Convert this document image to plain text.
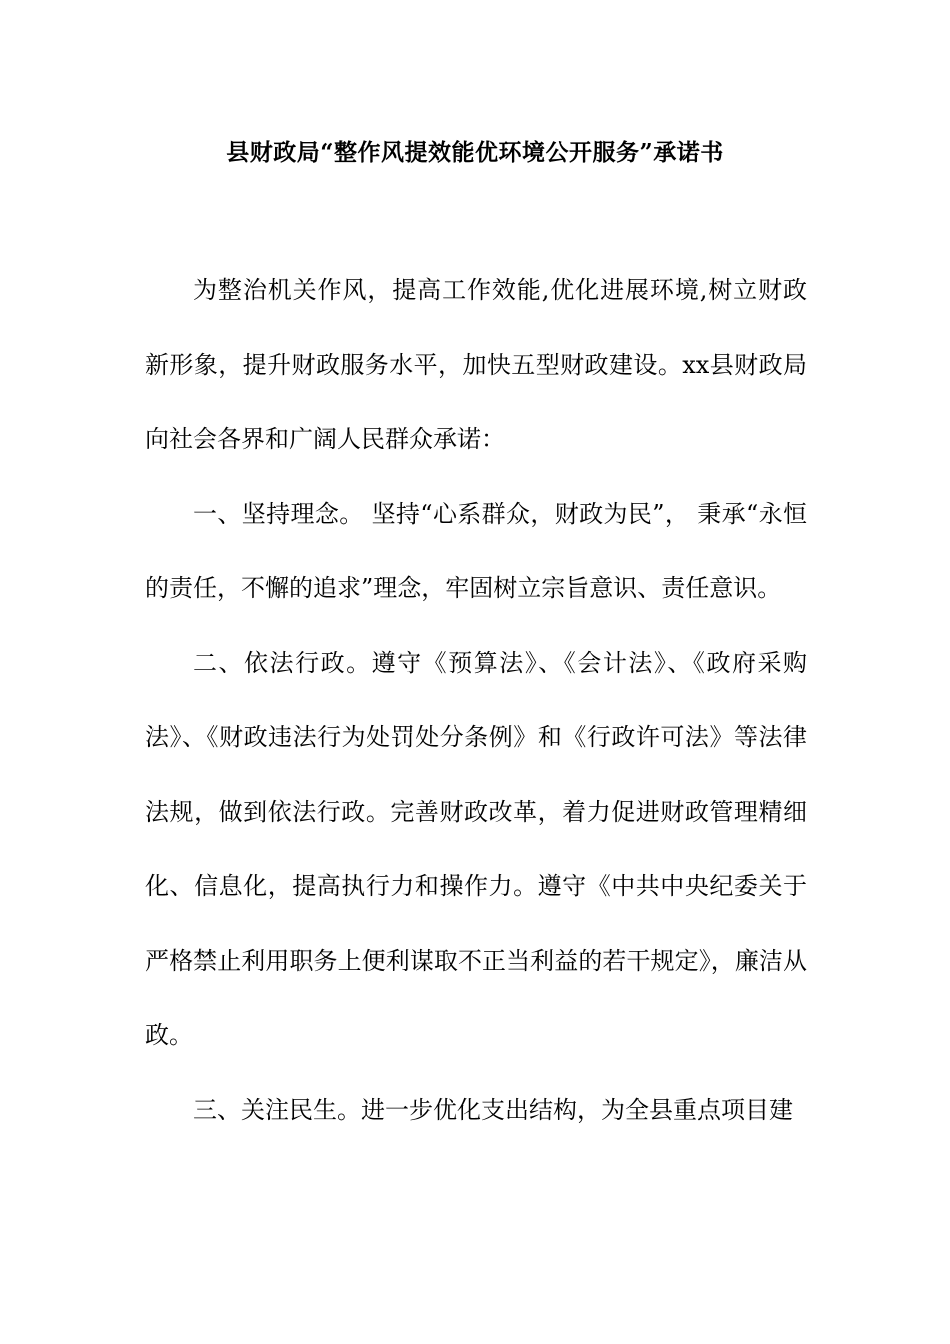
县财政局“整作风提效能优环境公开服务”承诺书

为整治机关作风，提高工作效能,优化进展环境,树立财政新形象，提升财政服务水平，加快五型财政建设。xx县财政局向社会各界和广阔人民群众承诺：

一、坚持理念。 坚持“心系群众，财政为民”， 秉承“永恒的责任，不懈的追求”理念，牢固树立宗旨意识、责任意识。

二、依法行政。遵守《预算法》、《会计法》、《政府采购法》、《财政违法行为处罚处分条例》和《行政许可法》等法律法规，做到依法行政。完善财政改革，着力促进财政管理精细化、信息化，提高执行力和操作力。遵守《中共中央纪委关于严格禁止利用职务上便利谋取不正当利益的若干规定》，廉洁从政。

三、关注民生。进一步优化支出结构，为全县重点项目建
